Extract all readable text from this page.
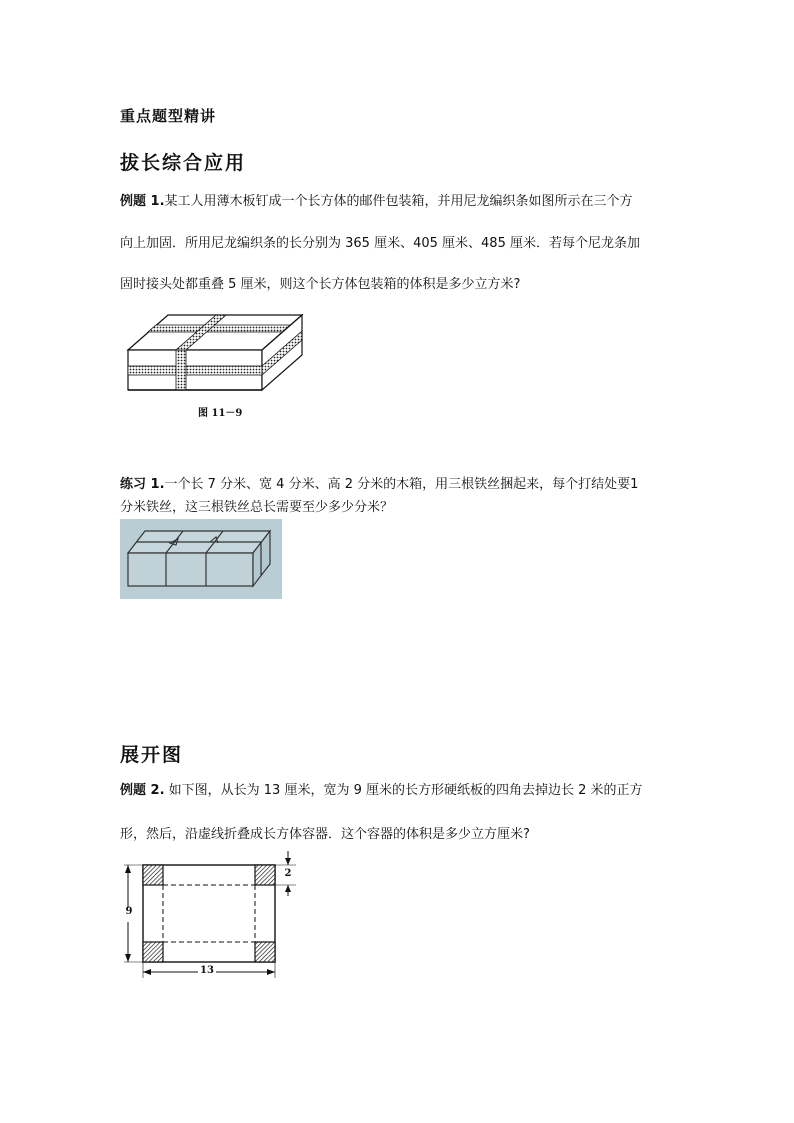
重点题型精讲
拔长综合应用
例题 1.某工人用薄木板钉成一个长方体的邮件包装箱，并用尼龙编织条如图所示在三个方
向上加固．所用尼龙编织条的长分别为 365 厘米、405 厘米、485 厘米．若每个尼龙条加
固时接头处都重叠 5 厘米，则这个长方体包装箱的体积是多少立方米?
图 11－9
练习 1.一个长 7 分米、宽 4 分米、高 2 分米的木箱，用三根铁丝捆起来，每个打结处要1
分米铁丝，这三根铁丝总长需要至少多少分米？
展开图
例题 2. 如下图，从长为 13 厘米，宽为 9 厘米的长方形硬纸板的四角去掉边长 2 米的正方
形，然后，沿虚线折叠成长方体容器．这个容器的体积是多少立方厘米?
9
13
2
